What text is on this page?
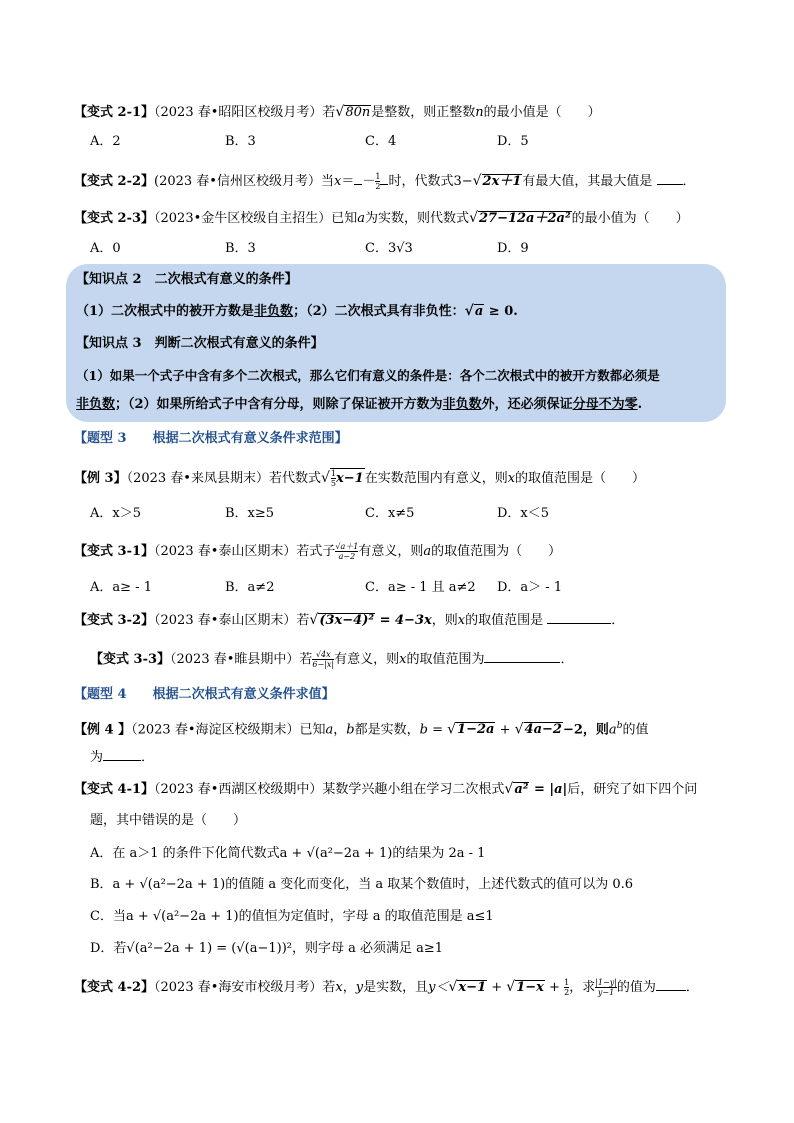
【变式 2-1】（2023 春•昭阳区校级月考）若√80n是整数，则正整数n的最小值是（　　）
A．2	B．3	C．4	D．5
【变式 2-2】(2023 春•信州区校级月考）当$x= - \frac{1}{2}$ 时，代数式3−√2x＋1有最大值，其最大值是 ．
【变式 2-3】（2023•金牛区校级自主招生）已知a为实数，则代数式√27−12a＋2a²的最小值为（　　）
A．0	B．3	C．3√3	D．9
【知识点 2　二次根式有意义的条件】
（1）二次根式中的被开方数是非负数；（2）二次根式具有非负性：√a ≥ 0.
【知识点 3　判断二次根式有意义的条件】
（1）如果一个式子中含有多个二次根式，那么它们有意义的条件是：各个二次根式中的被开方数都必须是
非负数；（2）如果所给式子中含有分母，则除了保证被开方数为非负数外，还必须保证分母不为零.
【题型 3　　根据二次根式有意义条件求范围】
【例 3】（2023 春•来凤县期末）若代数式√ $\frac{1}{5} x-1$在实数范围内有意义，则x的取值范围是（　　）
A．x＞5	B．x≥5	C．x≠5	D．x＜5
【变式 3-1】（2023 春•泰山区期末）若式子 $\frac{√a+1}{a-2}$ 有意义，则a的取值范围为（　　）
A．a≥ - 1	B．a≠2	C．a≥ - 1 且 a≠2 D．a＞ - 1
【变式 3-2】（2023 春•泰山区期末）若√(3x−4)² = 4−3x，则x的取值范围是	．
【变式 3-3】（2023 春•睢县期中）若 $\frac{√4x}{6-|x|}$ 有意义，则x的取值范围为	．
【题型 4　　根据二次根式有意义条件求值】
【例 4 】（2023 春•海淀区校级期末）已知a，b都是实数，b = √1−2a + √4a−2−2，则$a^b$的值
为	．
【变式 4-1】（2023 春•西湖区校级期中）某数学兴趣小组在学习二次根式√a² = |a|后，研究了如下四个问
题，其中错误的是（　　）
A．在 a＞1 的条件下化简代数式a + √(a²−2a + 1)的结果为 2a - 1
B．a + √(a²−2a + 1)的值随 a 变化而变化，当 a 取某个数值时，上述代数式的值可以为 0.6
C．当a + √(a²−2a + 1)的值恒为定值时，字母 a 的取值范围是 a≤1
D．若√(a²−2a + 1) = (√(a−1))²，则字母 a 必须满足 a≥1
【变式 4-2】（2023 春•海安市校级月考）若x，y是实数，且$y<√x-1 + √1-x + \frac{1}{2}$ ，求 $\frac{|1-y|}{y-1}$ 的值为 ．
